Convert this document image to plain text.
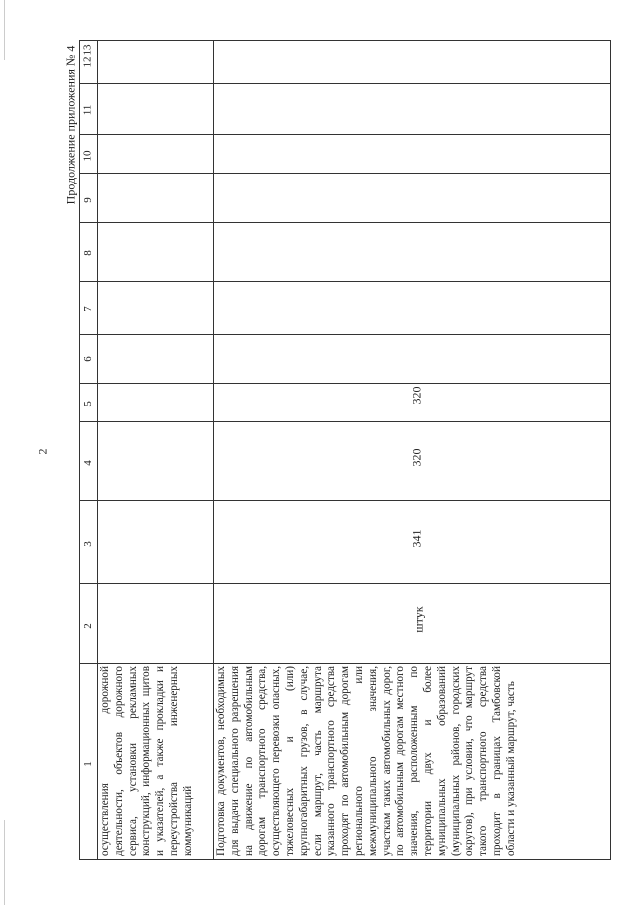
2
Продолжение приложения № 4
1
2
3
4
5
6
7
8
9
10
11
12
13
осуществления дорожной деятельности, объектов дорожного сервиса, установки рекламных конструкций, информационных щитов и указателей, а также прокладки и переустройства инженерных коммуникаций	Подготовка документов, необходимых для выдачи специального разрешения на движение по автомобильным дорогам транспортного средства, осуществляющего перевозки опасных, тяжеловесных и (или) крупногабаритных грузов, в случае, если маршрут, часть маршрута указанного транспортного средства проходят по автомобильным дорогам регионального или межмуниципального значения, участкам таких автомобильных дорог, по автомобильным дорогам местного значения, расположенным по территории двух и более муниципальных образований (муниципальных районов, городских округов), при условии, что маршрут такого транспортного средства проходит в границах Тамбовской области и указанный маршрут, часть
штук
341
320
320
